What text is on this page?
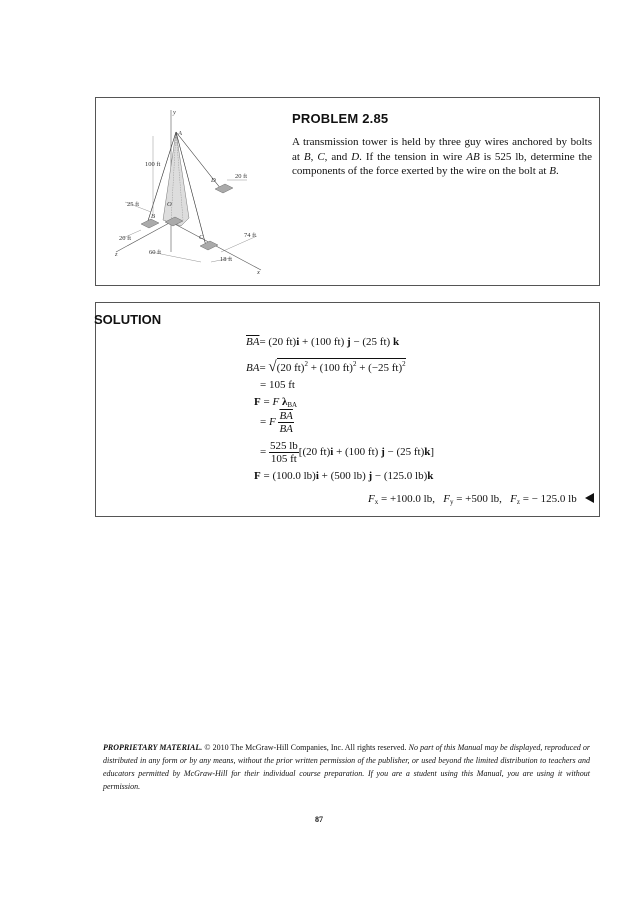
y
A
100 ft
D
20 ft
25 ft
B
O
C
20 ft
60 ft
74 ft
18 ft
z
x
PROBLEM 2.85
A transmission tower is held by three guy wires anchored by bolts at B, C, and D. If the tension in wire AB is 525 lb, determine the components of the force exerted by the wire on the bolt at B.
SOLUTION
$\overline{BA}= (20$ ft)i + (100 ft) j − (25 ft) k
BA= √(20 ft)$^2$ + (100 ft)$^2$ + (−25 ft)$^2$
= 105 ft
F = F $\lambda_{BA}$
= F $\frac{\overline{BA}}{BA}$
= $\frac{525 lb}{105 ft} [(20$ ft)i + (100 ft) j − (25 ft)k]
F = (100.0 lb)i + (500 lb) j − (125.0 lb)k
$F_x = +100.0$ lb, $F_y = +500$ lb, $F_z$ = − 125.0 lb
PROPRIETARY MATERIAL. © 2010 The McGraw-Hill Companies, Inc. All rights reserved. No part of this Manual may be displayed, reproduced or distributed in any form or by any means, without the prior written permission of the publisher, or used beyond the limited distribution to teachers and educators permitted by McGraw-Hill for their individual course preparation. If you are a student using this Manual, you are using it without permission.
87
